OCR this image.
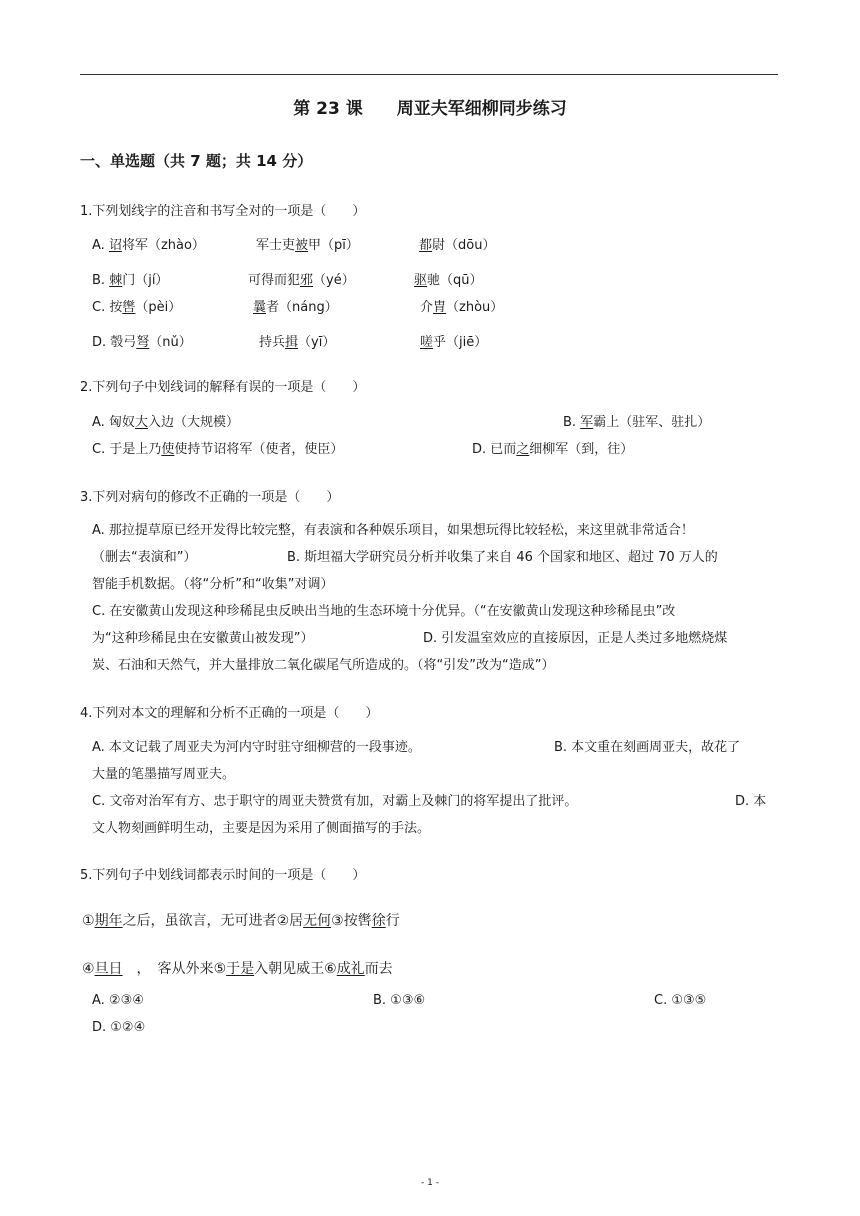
第 23 课 周亚夫军细柳同步练习
一、单选题（共 7 题；共 14 分）
1.下列划线字的注音和书写全对的一项是（　　）
A. 诏将军（zhào）	军士吏被甲（pī）	都尉（dōu）
B. 棘门（jí）	可得而犯邪（yé）	驱驰（qū）
C. 按辔（pèi）	曩者（náng）	介胄（zhòu）
D. 彀弓弩（nǔ）	持兵揖（yī）	嗟乎（jiē）
2.下列句子中划线词的解释有误的一项是（　　）
A. 匈奴大入边（大规模）	B. 军霸上（驻军、驻扎）
C. 于是上乃使使持节诏将军（使者，使臣）	D. 已而之细柳军（到，往）
3.下列对病句的修改不正确的一项是（　　）
A. 那拉提草原已经开发得比较完整，有表演和各种娱乐项目，如果想玩得比较轻松，来这里就非常适合！
（删去“表演和”）	B. 斯坦福大学研究员分析并收集了来自 46 个国家和地区、超过 70 万人的
智能手机数据。（将“分析”和“收集”对调）
C. 在安徽黄山发现这种珍稀昆虫反映出当地的生态环境十分优异。（“在安徽黄山发现这种珍稀昆虫”改
为“这种珍稀昆虫在安徽黄山被发现”）	D. 引发温室效应的直接原因，正是人类过多地燃烧煤
炭、石油和天然气，并大量排放二氧化碳尾气所造成的。（将“引发”改为“造成”）
4.下列对本文的理解和分析不正确的一项是（　　）
A. 本文记载了周亚夫为河内守时驻守细柳营的一段事迹。	B. 本文重在刻画周亚夫，故花了
大量的笔墨描写周亚夫。
C. 文帝对治军有方、忠于职守的周亚夫赞赏有加，对霸上及棘门的将军提出了批评。	D. 本
文人物刻画鲜明生动，主要是因为采用了侧面描写的手法。
5.下列句子中划线词都表示时间的一项是（　　）
①期年之后，虽欲言，无可进者②居无何③按辔徐行
④旦日　，　客从外来⑤于是入朝见威王⑥成礼而去
A. ②③④	B. ①③⑥	C. ①③⑤
D. ①②④
- 1 -
